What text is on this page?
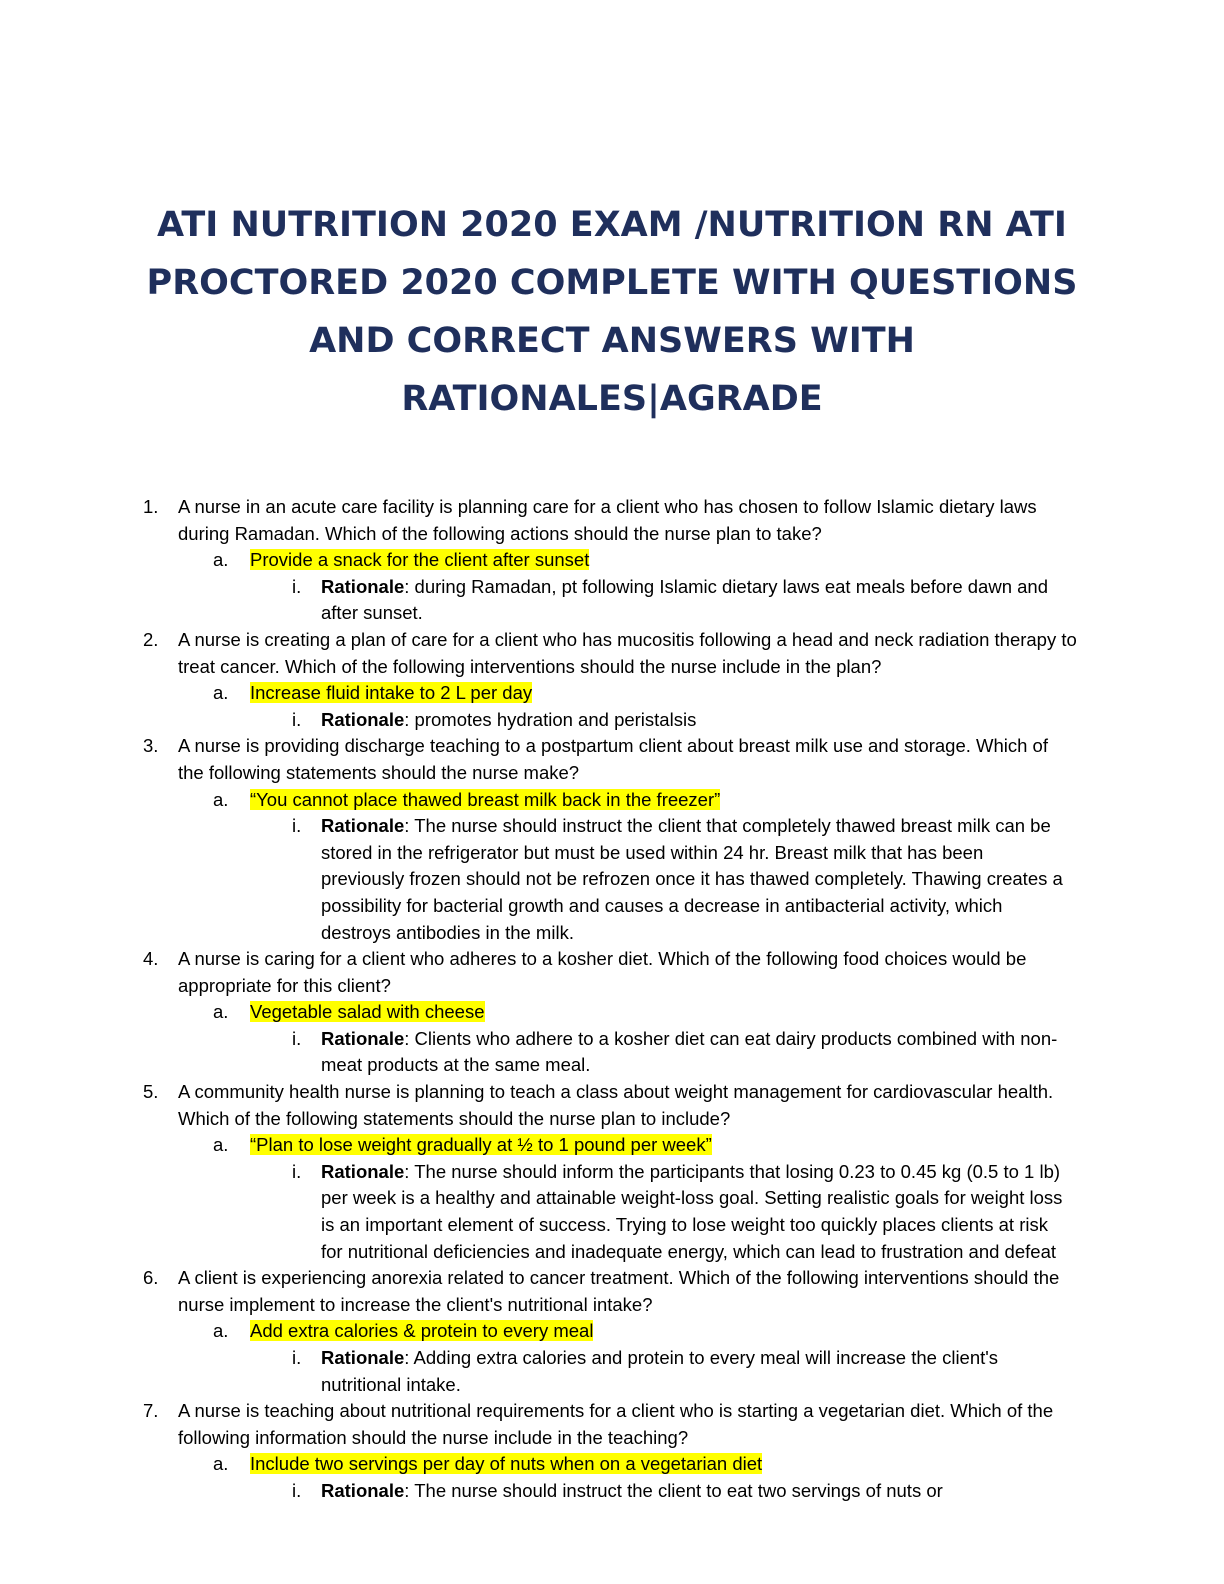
ATI NUTRITION 2020 EXAM /NUTRITION RN ATI
PROCTORED 2020 COMPLETE WITH QUESTIONS
AND CORRECT ANSWERS WITH
RATIONALES|AGRADE
1. A nurse in an acute care facility is planning care for a client who has chosen to follow Islamic dietary laws during Ramadan. Which of the following actions should the nurse plan to take?
a. Provide a snack for the client after sunset
i. Rationale: during Ramadan, pt following Islamic dietary laws eat meals before dawn and after sunset.
2. A nurse is creating a plan of care for a client who has mucositis following a head and neck radiation therapy to treat cancer. Which of the following interventions should the nurse include in the plan?
a. Increase fluid intake to 2 L per day
i. Rationale: promotes hydration and peristalsis
3. A nurse is providing discharge teaching to a postpartum client about breast milk use and storage. Which of the following statements should the nurse make?
a. “You cannot place thawed breast milk back in the freezer”
i. Rationale: The nurse should instruct the client that completely thawed breast milk can be stored in the refrigerator but must be used within 24 hr. Breast milk that has been previously frozen should not be refrozen once it has thawed completely. Thawing creates a possibility for bacterial growth and causes a decrease in antibacterial activity, which destroys antibodies in the milk.
4. A nurse is caring for a client who adheres to a kosher diet. Which of the following food choices would be appropriate for this client?
a. Vegetable salad with cheese
i. Rationale: Clients who adhere to a kosher diet can eat dairy products combined with non-meat products at the same meal.
5. A community health nurse is planning to teach a class about weight management for cardiovascular health. Which of the following statements should the nurse plan to include?
a. “Plan to lose weight gradually at ½ to 1 pound per week”
i. Rationale: The nurse should inform the participants that losing 0.23 to 0.45 kg (0.5 to 1 lb) per week is a healthy and attainable weight-loss goal. Setting realistic goals for weight loss is an important element of success. Trying to lose weight too quickly places clients at risk for nutritional deficiencies and inadequate energy, which can lead to frustration and defeat
6. A client is experiencing anorexia related to cancer treatment. Which of the following interventions should the nurse implement to increase the client's nutritional intake?
a. Add extra calories & protein to every meal
i. Rationale: Adding extra calories and protein to every meal will increase the client's nutritional intake.
7. A nurse is teaching about nutritional requirements for a client who is starting a vegetarian diet. Which of the following information should the nurse include in the teaching?
a. Include two servings per day of nuts when on a vegetarian diet
i. Rationale: The nurse should instruct the client to eat two servings of nuts or
